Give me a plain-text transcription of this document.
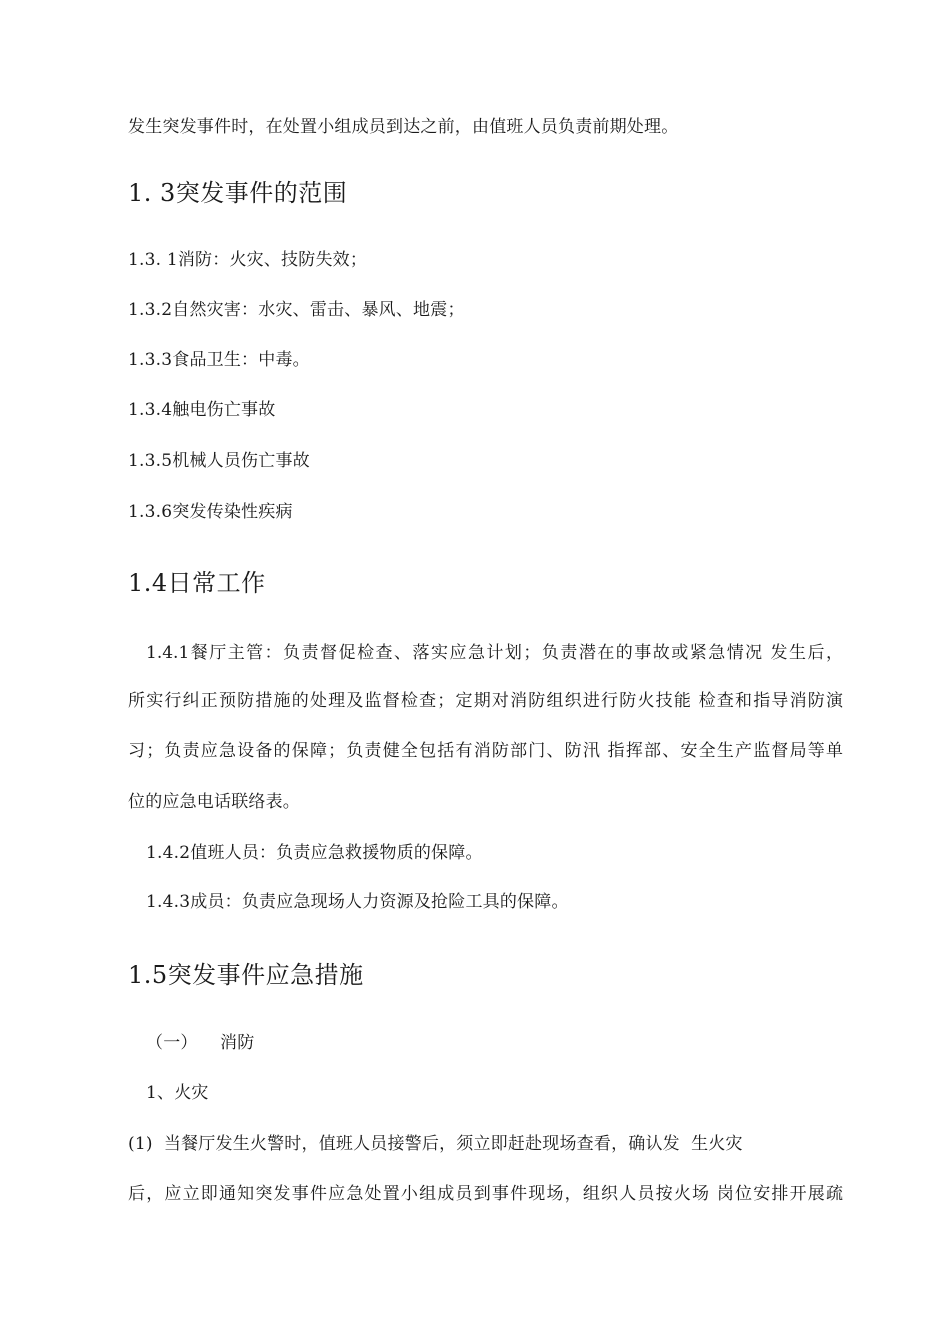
发生突发事件时，在处置小组成员到达之前，由值班人员负责前期处理。
1. 3突发事件的范围
1.3. 1消防：火灾、技防失效；
1.3.2自然灾害：水灾、雷击、暴风、地震；
1.3.3食品卫生：中毒。
1.3.4触电伤亡事故
1.3.5机械人员伤亡事故
1.3.6突发传染性疾病
1.4日常工作
1.4.1餐厅主管：负责督促检查、落实应急计划；负责潜在的事故或紧急情况 发生后，
所实行纠正预防措施的处理及监督检查；定期对消防组织进行防火技能 检查和指导消防演
习；负责应急设备的保障；负责健全包括有消防部门、防汛 指挥部、安全生产监督局等单
位的应急电话联络表。
1.4.2值班人员：负责应急救援物质的保障。
1.4.3成员：负责应急现场人力资源及抢险工具的保障。
1.5突发事件应急措施
（一）    消防
1、火灾
(1)  当餐厅发生火警时，值班人员接警后，须立即赶赴现场查看，确认发  生火灾
后，应立即通知突发事件应急处置小组成员到事件现场，组织人员按火场 岗位安排开展疏
